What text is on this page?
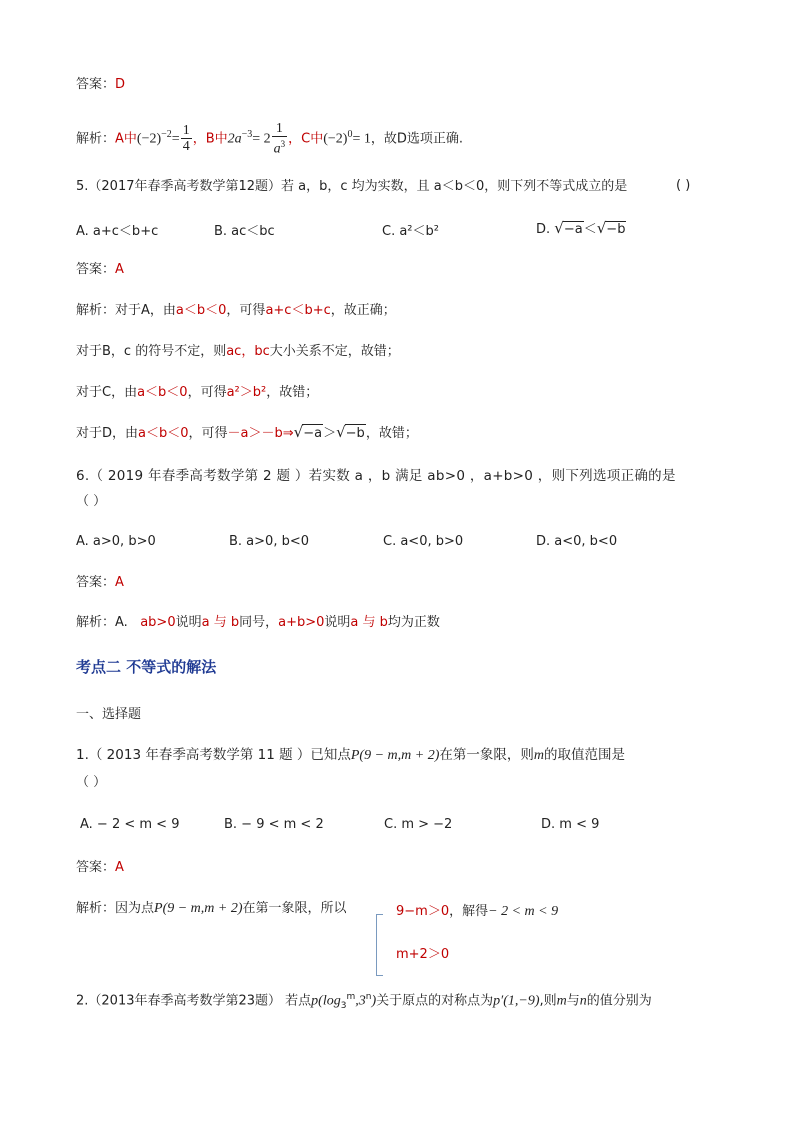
答案：D
解析：A中$(-2)^{-2}= \frac{1}{4}$ ，B中$2a^{-3}= 2 \frac{1}{a^3}$ ，C中$(-2)^0= 1$，故D选项正确.
5.（2017年春季高考数学第12题）若 a，b，c 均为实数，且 a＜b＜0，则下列不等式成立的是	( )
A. a+c＜b+c	B. ac＜bc	C. a²＜b²	D. √−a＜√−b
答案：A
解析：对于A，由a＜b＜0，可得a+c＜b+c，故正确；
对于B，c 的符号不定，则ac，bc大小关系不定，故错；
对于C，由a＜b＜0，可得a²＞b²，故错；
对于D，由a＜b＜0，可得－a＞－b⇒√−a＞√−b，故错；
6.（ 2019 年春季高考数学第 2 题 ）若实数 a ，b 满足 ab>0 ，a+b>0 ，则下列选项正确的是
（ ）
A. a>0, b>0	B. a>0, b<0	C. a<0, b>0	D. a<0, b<0
答案：A
解析：A. ab>0说明a 与 b同号，a+b>0说明a 与 b均为正数
考点二 不等式的解法
一、选择题
1.（ 2013 年春季高考数学第 11 题 ）已知点P(9 − m,m + 2)在第一象限，则m的取值范围是
（ ）
A. − 2 < m < 9	B. − 9 < m < 2	C. m > −2	D. m < 9
答案：A
解析：因为点P(9 − m,m + 2)在第一象限，所以	9−m＞0，解得− 2 < m < 9
m+2＞0
2.（2013年春季高考数学第23题） 若点$p(\log_3^m,3^n)$关于原点的对称点为p′(1,−9),则m与n的值分别为
